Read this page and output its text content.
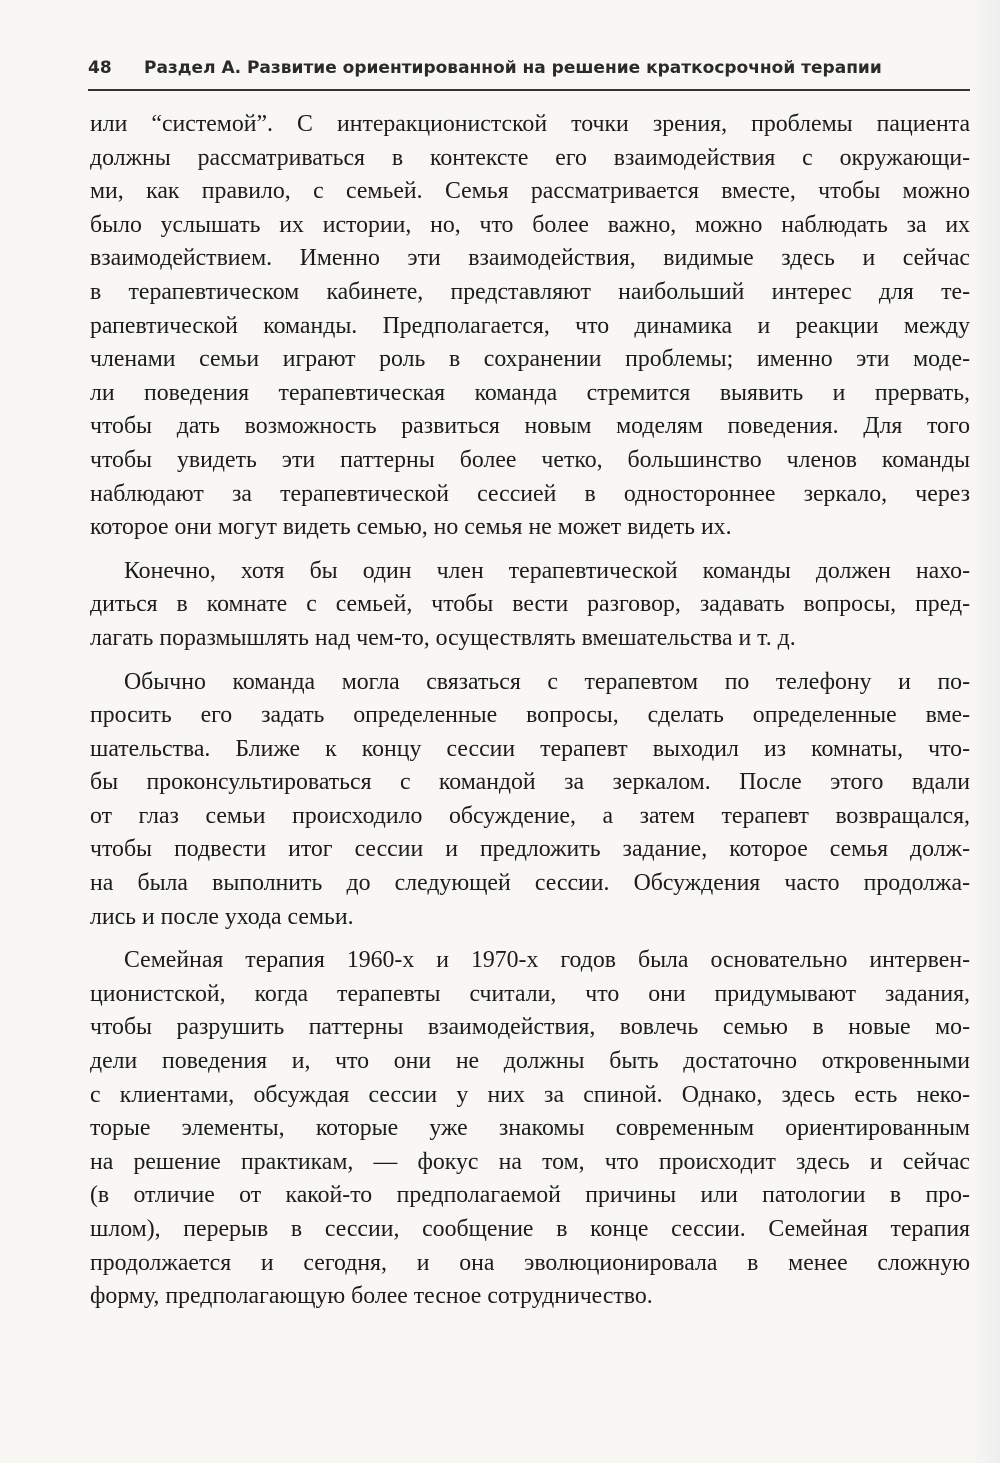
48 Раздел А. Развитие ориентированной на решение краткосрочной терапии
или “системой”. С интеракционистской точки зрения, проблемы пациента
должны рассматриваться в контексте его взаимодействия с окружающи-
ми, как правило, с семьей. Семья рассматривается вместе, чтобы можно
было услышать их истории, но, что более важно, можно наблюдать за их
взаимодействием. Именно эти взаимодействия, видимые здесь и сейчас
в терапевтическом кабинете, представляют наибольший интерес для те-
рапевтической команды. Предполагается, что динамика и реакции между
членами семьи играют роль в сохранении проблемы; именно эти моде-
ли поведения терапевтическая команда стремится выявить и прервать,
чтобы дать возможность развиться новым моделям поведения. Для того
чтобы увидеть эти паттерны более четко, большинство членов команды
наблюдают за терапевтической сессией в одностороннее зеркало, через
которое они могут видеть семью, но семья не может видеть их.
Конечно, хотя бы один член терапевтической команды должен нахо-
диться в комнате с семьей, чтобы вести разговор, задавать вопросы, пред-
лагать поразмышлять над чем-то, осуществлять вмешательства и т. д.
Обычно команда могла связаться с терапевтом по телефону и по-
просить его задать определенные вопросы, сделать определенные вме-
шательства. Ближе к концу сессии терапевт выходил из комнаты, что-
бы проконсультироваться с командой за зеркалом. После этого вдали
от глаз семьи происходило обсуждение, а затем терапевт возвращался,
чтобы подвести итог сессии и предложить задание, которое семья долж-
на была выполнить до следующей сессии. Обсуждения часто продолжа-
лись и после ухода семьи.
Семейная терапия 1960-х и 1970-х годов была основательно интервен-
ционистской, когда терапевты считали, что они придумывают задания,
чтобы разрушить паттерны взаимодействия, вовлечь семью в новые мо-
дели поведения и, что они не должны быть достаточно откровенными
с клиентами, обсуждая сессии у них за спиной. Однако, здесь есть неко-
торые элементы, которые уже знакомы современным ориентированным
на решение практикам, — фокус на том, что происходит здесь и сейчас
(в отличие от какой-то предполагаемой причины или патологии в про-
шлом), перерыв в сессии, сообщение в конце сессии. Семейная терапия
продолжается и сегодня, и она эволюционировала в менее сложную
форму, предполагающую более тесное сотрудничество.
